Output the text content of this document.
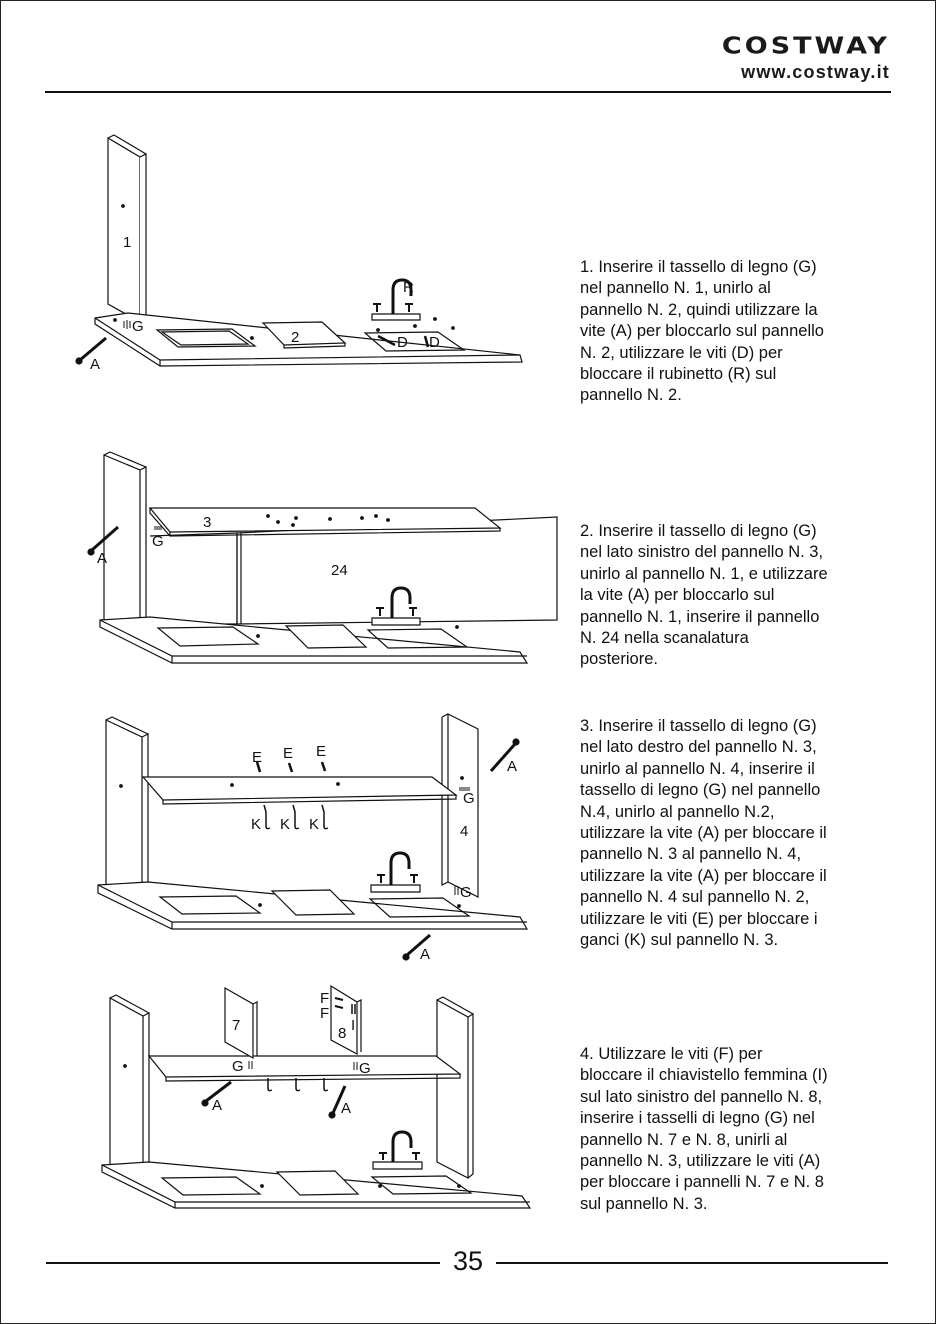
COSTWAY
www.costway.it
1
2
G
A
R
D D
1. Inserire il tassello di legno (G)
nel pannello N. 1, unirlo al
pannello N. 2, quindi utilizzare la
vite (A) per bloccarlo sul pannello
N. 2, utilizzare le viti (D) per
bloccare il rubinetto (R) sul
pannello N. 2.
3
24
G
A
2. Inserire il tassello di legno (G)
nel lato sinistro del pannello N. 3,
unirlo al pannello N. 1, e utilizzare
la vite (A) per bloccarlo sul
pannello N. 1, inserire il pannello
N. 24 nella scanalatura
posteriore.
E E E
K K K	4
G
G
A
A
3. Inserire il tassello di legno (G)
nel lato destro del pannello N. 3,
unirlo al pannello N. 4, inserire il
tassello di legno (G) nel pannello
N.4, unirlo al pannello N.2,
utilizzare la vite (A) per bloccare il
pannello N. 3 al pannello N. 4,
utilizzare la vite (A) per bloccare il
pannello N. 4 sul pannello N. 2,
utilizzare le viti (E) per bloccare i
ganci (K) sul pannello N. 3.
7	8
F
F
I
G	G
A	A
4. Utilizzare le viti (F) per
bloccare il chiavistello femmina (I)
sul lato sinistro del pannello N. 8,
inserire i tasselli di legno (G) nel
pannello N. 7 e N. 8, unirli al
pannello N. 3, utilizzare le viti (A)
per bloccare i pannelli N. 7 e N. 8
sul pannello N. 3.
35
